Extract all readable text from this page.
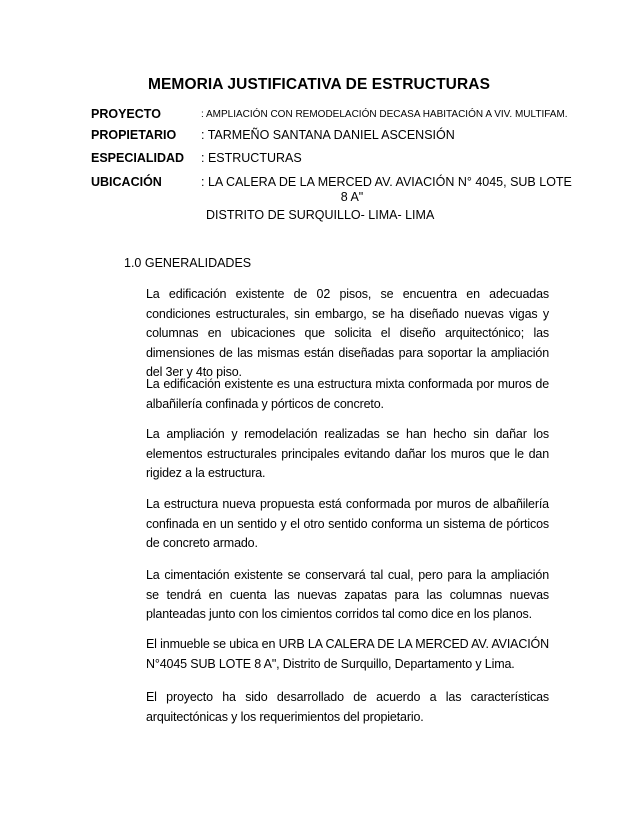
MEMORIA JUSTIFICATIVA DE ESTRUCTURAS
PROYECTO	: AMPLIACIÓN CON REMODELACIÓN DECASA HABITACIÓN A VIV. MULTIFAM.
PROPIETARIO : TARMEÑO SANTANA DANIEL ASCENSIÓN
ESPECIALIDAD : ESTRUCTURAS
UBICACIÓN	: LA CALERA DE LA MERCED AV. AVIACIÓN N° 4045, SUB LOTE
8 A"
DISTRITO DE SURQUILLO- LIMA- LIMA
1.0 GENERALIDADES

La edificación existente de 02 pisos, se encuentra en adecuadas condiciones estructurales, sin embargo, se ha diseñado nuevas vigas y columnas en ubicaciones que solicita el diseño arquitectónico; las dimensiones de las mismas están diseñadas para soportar la ampliación del 3er y 4to piso.

La edificación existente es una estructura mixta conformada por muros de albañilería confinada y pórticos de concreto.

La ampliación y remodelación realizadas se han hecho sin dañar los elementos estructurales principales evitando dañar los muros que le dan rigidez a la estructura.

La estructura nueva propuesta está conformada por muros de albañilería confinada en un sentido y el otro sentido conforma un sistema de pórticos de concreto armado.

La cimentación existente se conservará tal cual, pero para la ampliación se tendrá en cuenta las nuevas zapatas para las columnas nuevas planteadas junto con los cimientos corridos tal como dice en los planos.

El inmueble se ubica en URB LA CALERA DE LA MERCED AV. AVIACIÓN N°4045 SUB LOTE 8 A", Distrito de Surquillo, Departamento y Lima.

El proyecto ha sido desarrollado de acuerdo a las características arquitectónicas y los requerimientos del propietario.
